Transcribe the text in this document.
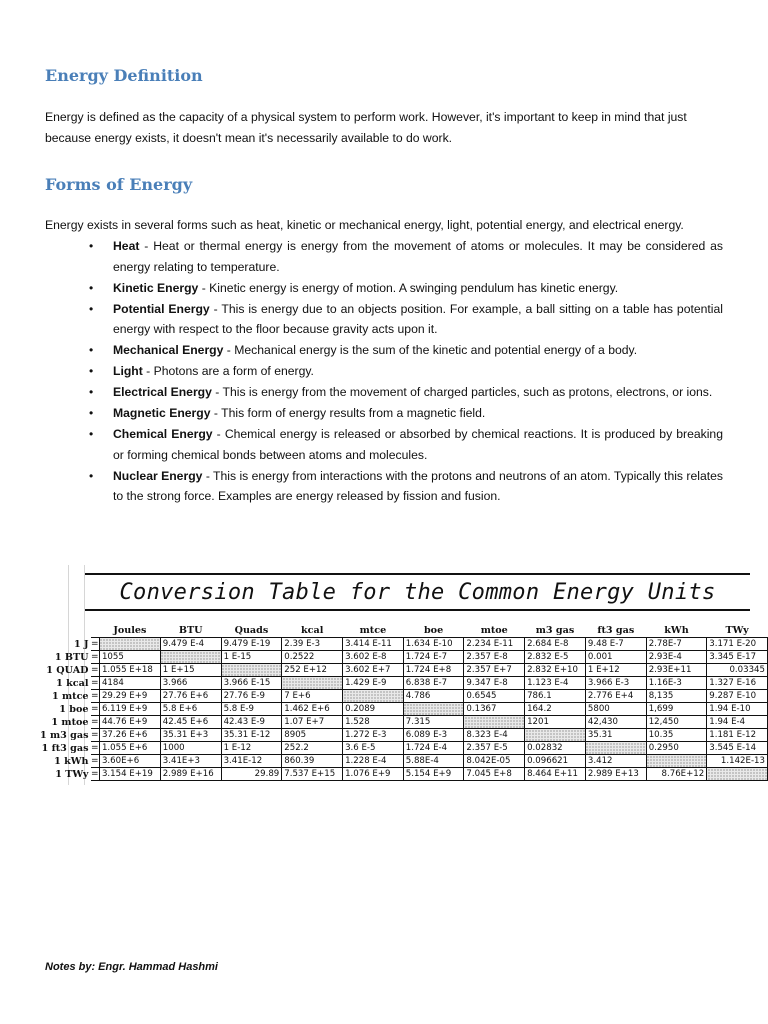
Energy Definition

Energy is defined as the capacity of a physical system to perform work. However, it's important to keep in mind that just because energy exists, it doesn't mean it's necessarily available to do work.

Forms of Energy

Energy exists in several forms such as heat, kinetic or mechanical energy, light, potential energy, and electrical energy.

• Heat - Heat or thermal energy is energy from the movement of atoms or molecules. It may be considered as energy relating to temperature.
• Kinetic Energy - Kinetic energy is energy of motion. A swinging pendulum has kinetic energy.
• Potential Energy - This is energy due to an objects position. For example, a ball sitting on a table has potential energy with respect to the floor because gravity acts upon it.
• Mechanical Energy - Mechanical energy is the sum of the kinetic and potential energy of a body.
• Light - Photons are a form of energy.
• Electrical Energy - This is energy from the movement of charged particles, such as protons, electrons, or ions.
• Magnetic Energy - This form of energy results from a magnetic field.
• Chemical Energy - Chemical energy is released or absorbed by chemical reactions. It is produced by breaking or forming chemical bonds between atoms and molecules.
• Nuclear Energy - This is energy from interactions with the protons and neutrons of an atom. Typically this relates to the strong force. Examples are energy released by fission and fusion.
Conversion Table for the Common Energy Units
		Joules	BTU	Quads	kcal	mtce	boe	mtoe	m3 gas	ft3 gas	kWh	TWy
1 J	=		9.479 E-4	9.479 E-19	2.39 E-3	3.414 E-11	1.634 E-10	2.234 E-11	2.684 E-8	9.48 E-7	2.78E-7	3.171 E-20
1 BTU	=	1055		1 E-15	0.2522	3.602 E-8	1.724 E-7	2.357 E-8	2.832 E-5	0.001	2.93E-4	3.345 E-17
1 QUAD	=	1.055 E+18	1 E+15		252 E+12	3.602 E+7	1.724 E+8	2.357 E+7	2.832 E+10	1 E+12	2.93E+11	0.03345
1 kcal	=	4184	3.966	3.966 E-15		1.429 E-9	6.838 E-7	9.347 E-8	1.123 E-4	3.966 E-3	1.16E-3	1.327 E-16
1 mtce	=	29.29 E+9	27.76 E+6	27.76 E-9	7 E+6		4.786	0.6545	786.1	2.776 E+4	8,135	9.287 E-10
1 boe	=	6.119 E+9	5.8 E+6	5.8 E-9	1.462 E+6	0.2089		0.1367	164.2	5800	1,699	1.94 E-10
1 mtoe	=	44.76 E+9	42.45 E+6	42.43 E-9	1.07 E+7	1.528	7.315		1201	42,430	12,450	1.94 E-4
1 m3 gas	=	37.26 E+6	35.31 E+3	35.31 E-12	8905	1.272 E-3	6.089 E-3	8.323 E-4		35.31	10.35	1.181 E-12
1 ft3 gas	=	1.055 E+6	1000	1 E-12	252.2	3.6 E-5	1.724 E-4	2.357 E-5	0.02832		0.2950	3.545 E-14
1 kWh	=	3.60E+6	3.41E+3	3.41E-12	860.39	1.228 E-4	5.88E-4	8.042E-05	0.096621	3.412		1.142E-13
1 TWy	=	3.154 E+19	2.989 E+16	29.89	7.537 E+15	1.076 E+9	5.154 E+9	7.045 E+8	8.464 E+11	2.989 E+13	8.76E+12	

Notes by: Engr. Hammad Hashmi
